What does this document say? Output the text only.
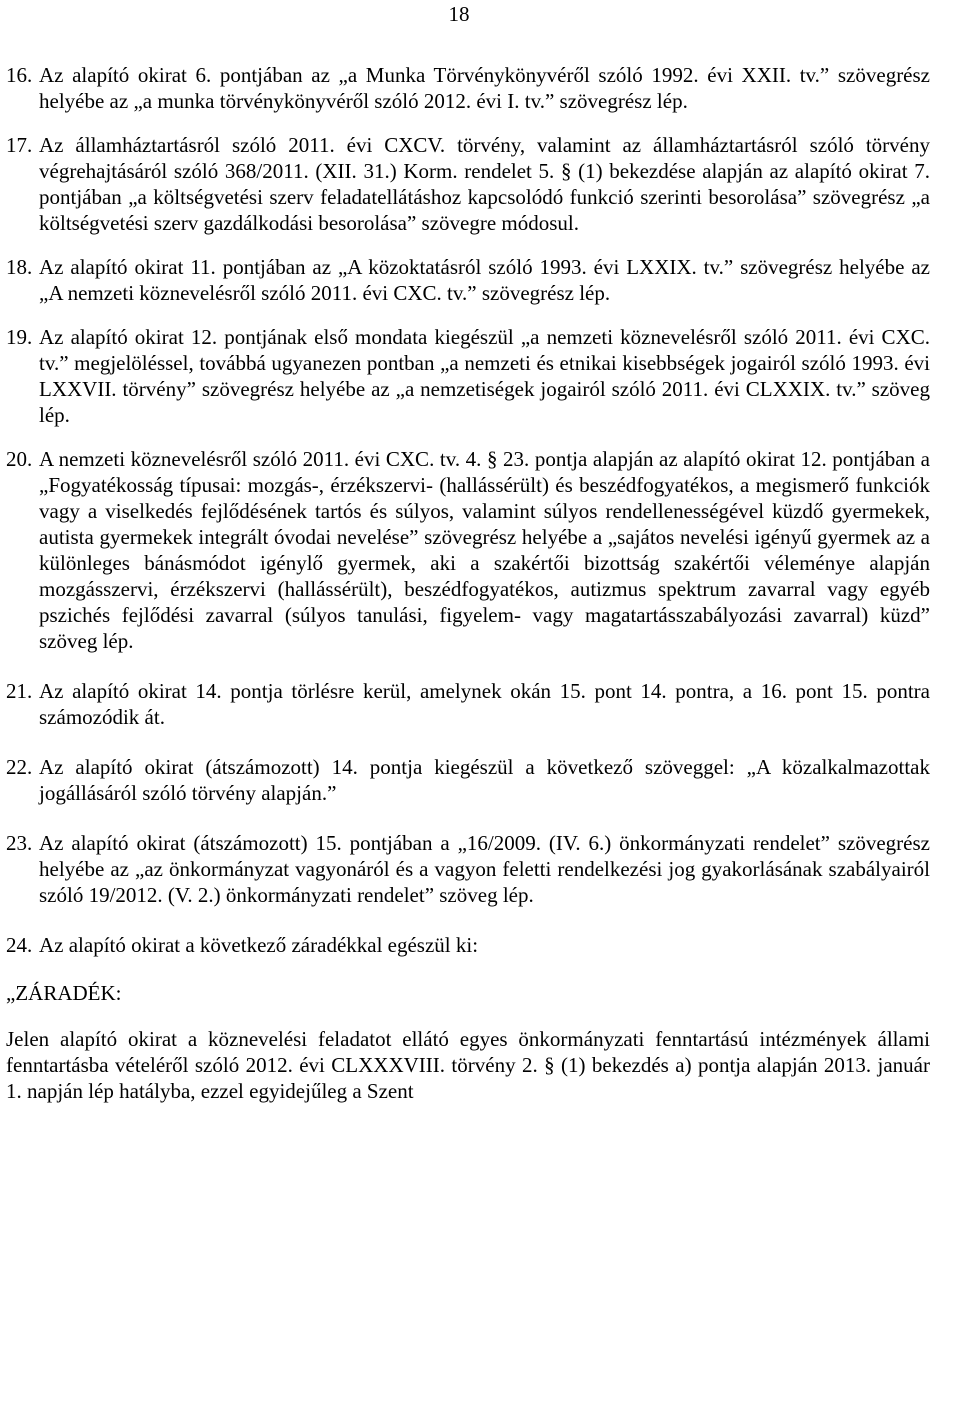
18
16. Az alapító okirat 6. pontjában az „a Munka Törvénykönyvéről szóló 1992. évi XXII. tv.” szövegrész helyébe az „a munka törvénykönyvéről szóló 2012. évi I. tv.” szövegrész lép.
17. Az államháztartásról szóló 2011. évi CXCV. törvény, valamint az államháztartásról szóló törvény végrehajtásáról szóló 368/2011. (XII. 31.) Korm. rendelet 5. § (1) bekezdése alapján az alapító okirat 7. pontjában „a költségvetési szerv feladatellátáshoz kapcsolódó funkció szerinti besorolása” szövegrész „a költségvetési szerv gazdálkodási besorolása” szövegre módosul.
18. Az alapító okirat 11. pontjában az „A közoktatásról szóló 1993. évi LXXIX. tv.” szövegrész helyébe az „A nemzeti köznevelésről szóló 2011. évi CXC. tv.” szövegrész lép.
19. Az alapító okirat 12. pontjának első mondata kiegészül „a nemzeti köznevelésről szóló 2011. évi CXC. tv.” megjelöléssel, továbbá ugyanezen pontban „a nemzeti és etnikai kisebbségek jogairól szóló 1993. évi LXXVII. törvény” szövegrész helyébe az „a nemzetiségek jogairól szóló 2011. évi CLXXIX. tv.” szöveg lép.
20. A nemzeti köznevelésről szóló 2011. évi CXC. tv. 4. § 23. pontja alapján az alapító okirat 12. pontjában a „Fogyatékosság típusai: mozgás-, érzékszervi- (hallássérült) és beszédfogyatékos, a megismerő funkciók vagy a viselkedés fejlődésének tartós és súlyos, valamint súlyos rendellenességével küzdő gyermekek, autista gyermekek integrált óvodai nevelése” szövegrész helyébe a „sajátos nevelési igényű gyermek az a különleges bánásmódot igénylő gyermek, aki a szakértői bizottság szakértői véleménye alapján mozgásszervi, érzékszervi (hallássérült), beszédfogyatékos, autizmus spektrum zavarral vagy egyéb pszichés fejlődési zavarral (súlyos tanulási, figyelem- vagy magatartásszabályozási zavarral) küzd” szöveg lép.
21. Az alapító okirat 14. pontja törlésre kerül, amelynek okán 15. pont 14. pontra, a 16. pont 15. pontra számozódik át.
22. Az alapító okirat (átszámozott) 14. pontja kiegészül a következő szöveggel: „A közalkalmazottak jogállásáról szóló törvény alapján.”
23. Az alapító okirat (átszámozott) 15. pontjában a „16/2009. (IV. 6.) önkormányzati rendelet” szövegrész helyébe az „az önkormányzat vagyonáról és a vagyon feletti rendelkezési jog gyakorlásának szabályairól szóló 19/2012. (V. 2.) önkormányzati rendelet” szöveg lép.
24. Az alapító okirat a következő záradékkal egészül ki:
„ZÁRADÉK:

Jelen alapító okirat a köznevelési feladatot ellátó egyes önkormányzati fenntartású intézmények állami fenntartásba vételéről szóló 2012. évi CLXXXVIII. törvény 2. § (1) bekezdés a) pontja alapján 2013. január 1. napján lép hatályba, ezzel egyidejűleg a Szent
